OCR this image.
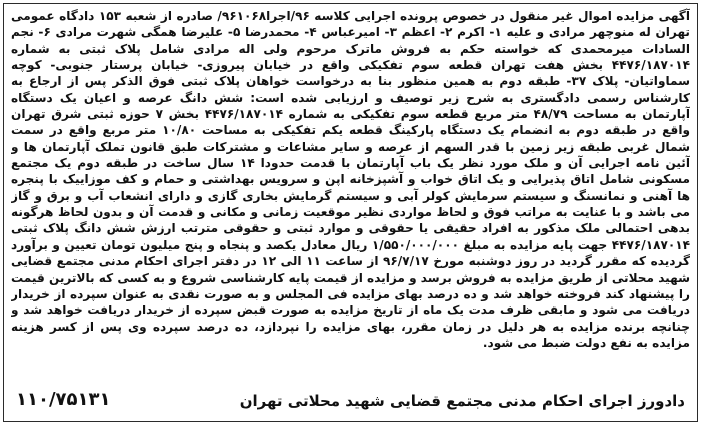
آگهی مزایده اموال غیر منقول در خصوص پرونده اجرایی کلاسه ۹۶/اجرا۹۶۱۰۶۸/ صادره از شعبه ۱۵۳ دادگاه عمومی تهران له منوچهر مرادی و علیه ۱- اکرم ۲- اعظم ۳- امیرعباس ۴- محمدرضا ۵- علیرضا همگی شهرت مرادی ۶- نجم السادات میرمحمدی که خواسته حکم به فروش ماترک مرحوم ولی اله مرادی شامل پلاک ثبتی به شماره ۴۴۷۶/۱۸۷۰۱۴ بخش هفت تهران قطعه سوم تفکیکی واقع در خیابان پیروزی- خیابان پرستار جنوبی- کوچه سماواتیان- پلاک ۳۷- طبقه دوم به همین منظور بنا به درخواست خواهان پلاک ثبتی فوق الذکر پس از ارجاع به کارشناس رسمی دادگستری به شرح زیر توصیف و ارزیابی شده است: شش دانگ عرصه و اعیان یک دستگاه آپارتمان به مساحت ۴۸/۷۹ متر مربع قطعه سوم تفکیکی به شماره ۴۴۷۶/۱۸۷۰۱۴ بخش ۷ حوزه ثبتی شرق تهران واقع در طبقه دوم به انضمام یک دستگاه پارکینگ قطعه یکم تفکیکی به مساحت ۱۰/۸۰ متر مربع واقع در سمت شمال غربی طبقه زیر زمین با قدر السهم از عرصه و سایر مشاعات و مشترکات طبق قانون تملک آپارتمان ها و آئین نامه اجرایی آن و ملک مورد نظر یک باب آپارتمان با قدمت حدودا ۱۴ سال ساخت در طبقه دوم یک مجتمع مسکونی شامل اتاق پذیرایی و یک اتاق خواب و آشپزخانه اپن و سرویس بهداشتی و حمام و کف موزاییک با پنجره ها آهنی و نمانسنگ و سیستم سرمایش کولر آبی و سیستم گرمایش بخاری گازی و دارای انشعاب آب و برق و گاز می باشد و با عنایت به مراتب فوق و لحاظ مواردی نظیر موقعیت زمانی و مکانی و قدمت آن و بدون لحاظ هرگونه بدهی احتمالی ملک مذکور به افراد حقیقی یا حقوقی و موارد ثبتی و حقوقی مترتب ارزش شش دانگ پلاک ثبتی ۴۴۷۶/۱۸۷۰۱۴ جهت پایه مزایده به مبلغ ۱/۵۵۰/۰۰۰/۰۰۰ ریال معادل یکصد و پنجاه و پنج میلیون تومان تعیین و برآورد گردیده که مقرر گردید در روز دوشنبه مورخ ۹۶/۷/۱۷ از ساعت ۱۱ الی ۱۲ در دفتر اجرای احکام مدنی مجتمع قضایی شهید محلاتی از طریق مزایده به فروش برسد و مزایده از قیمت پایه کارشناسی شروع و به کسی که بالاترین قیمت را پیشنهاد کند فروخته خواهد شد و ده درصد بهای مزایده فی المجلس و به صورت نقدی به عنوان سپرده از خریدار دریافت می شود و مابقی ظرف مدت یک ماه از تاریخ مزایده به صورت قبض سپرده از خریدار دریافت خواهد شد و چنانچه برنده مزایده به هر دلیل در زمان مقرر، بهای مزایده را نپردازد، ده درصد سپرده وی پس از کسر هزینه مزایده به نفع دولت ضبط می شود.
دادورز اجرای احکام مدنی مجتمع قضایی شهید محلاتی تهران
۱۱۰/۷۵۱۳۱
